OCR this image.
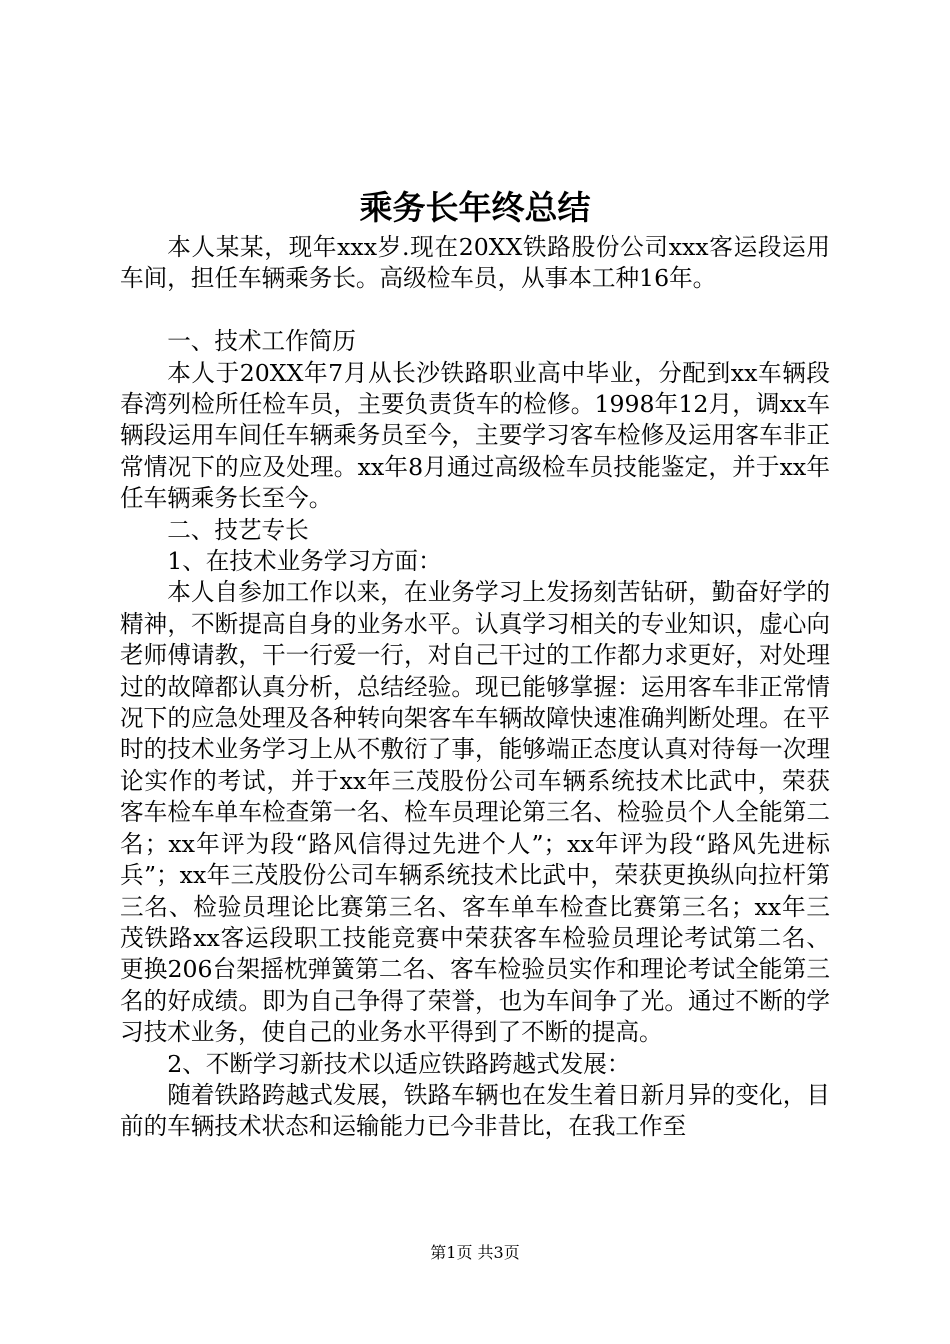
乘务长年终总结

本人某某，现年xxx岁.现在20XX铁路股份公司xxx客运段运用车间，担任车辆乘务长。高级检车员，从事本工种16年。

一、技术工作简历

本人于20XX年7月从长沙铁路职业高中毕业，分配到xx车辆段春湾列检所任检车员，主要负责货车的检修。1998年12月，调xx车辆段运用车间任车辆乘务员至今，主要学习客车检修及运用客车非正常情况下的应及处理。xx年8月通过高级检车员技能鉴定，并于xx年任车辆乘务长至今。

二、技艺专长

1、在技术业务学习方面：

本人自参加工作以来，在业务学习上发扬刻苦钻研，勤奋好学的精神，不断提高自身的业务水平。认真学习相关的专业知识，虚心向老师傅请教，干一行爱一行，对自己干过的工作都力求更好，对处理过的故障都认真分析，总结经验。现已能够掌握：运用客车非正常情况下的应急处理及各种转向架客车车辆故障快速准确判断处理。在平时的技术业务学习上从不敷衍了事，能够端正态度认真对待每一次理论实作的考试，并于xx年三茂股份公司车辆系统技术比武中，荣获客车检车单车检查第一名、检车员理论第三名、检验员个人全能第二名；xx年评为段“路风信得过先进个人”；xx年评为段“路风先进标兵”；xx年三茂股份公司车辆系统技术比武中，荣获更换纵向拉杆第三名、检验员理论比赛第三名、客车单车检查比赛第三名；xx年三茂铁路xx客运段职工技能竞赛中荣获客车检验员理论考试第二名、更换206台架摇枕弹簧第二名、客车检验员实作和理论考试全能第三名的好成绩。即为自己争得了荣誉，也为车间争了光。通过不断的学习技术业务，使自己的业务水平得到了不断的提高。

2、不断学习新技术以适应铁路跨越式发展：

随着铁路跨越式发展，铁路车辆也在发生着日新月异的变化，目前的车辆技术状态和运输能力已今非昔比，在我工作至

第1页 共3页
